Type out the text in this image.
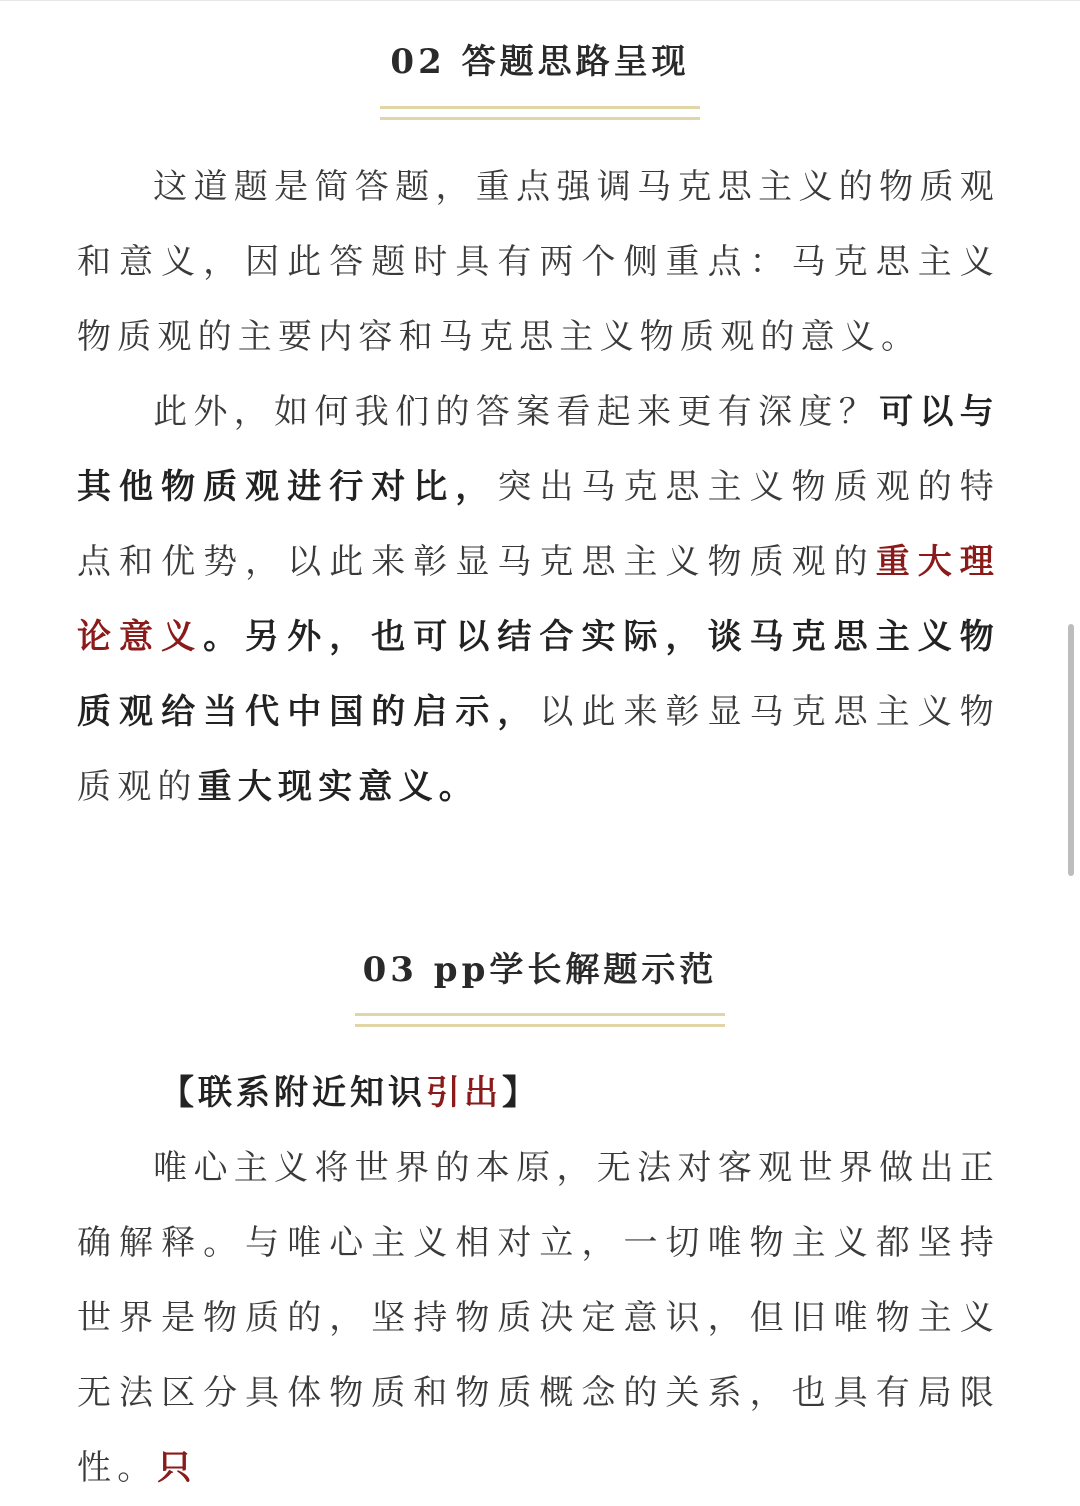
02 答题思路呈现

这道题是简答题，重点强调马克思主义的物质观和意义，因此答题时具有两个侧重点：马克思主义物质观的主要内容和马克思主义物质观的意义。

此外，如何我们的答案看起来更有深度？可以与其他物质观进行对比，突出马克思主义物质观的特点和优势，以此来彰显马克思主义物质观的重大理论意义。另外，也可以结合实际，谈马克思主义物质观给当代中国的启示，以此来彰显马克思主义物质观的重大现实意义。

03 pp学长解题示范
【联系附近知识引出】

唯心主义将世界的本原，无法对客观世界做出正确解释。与唯心主义相对立，一切唯物主义都坚持世界是物质的，坚持物质决定意识，但旧唯物主义无法区分具体物质和物质概念的关系，也具有局限性。只
